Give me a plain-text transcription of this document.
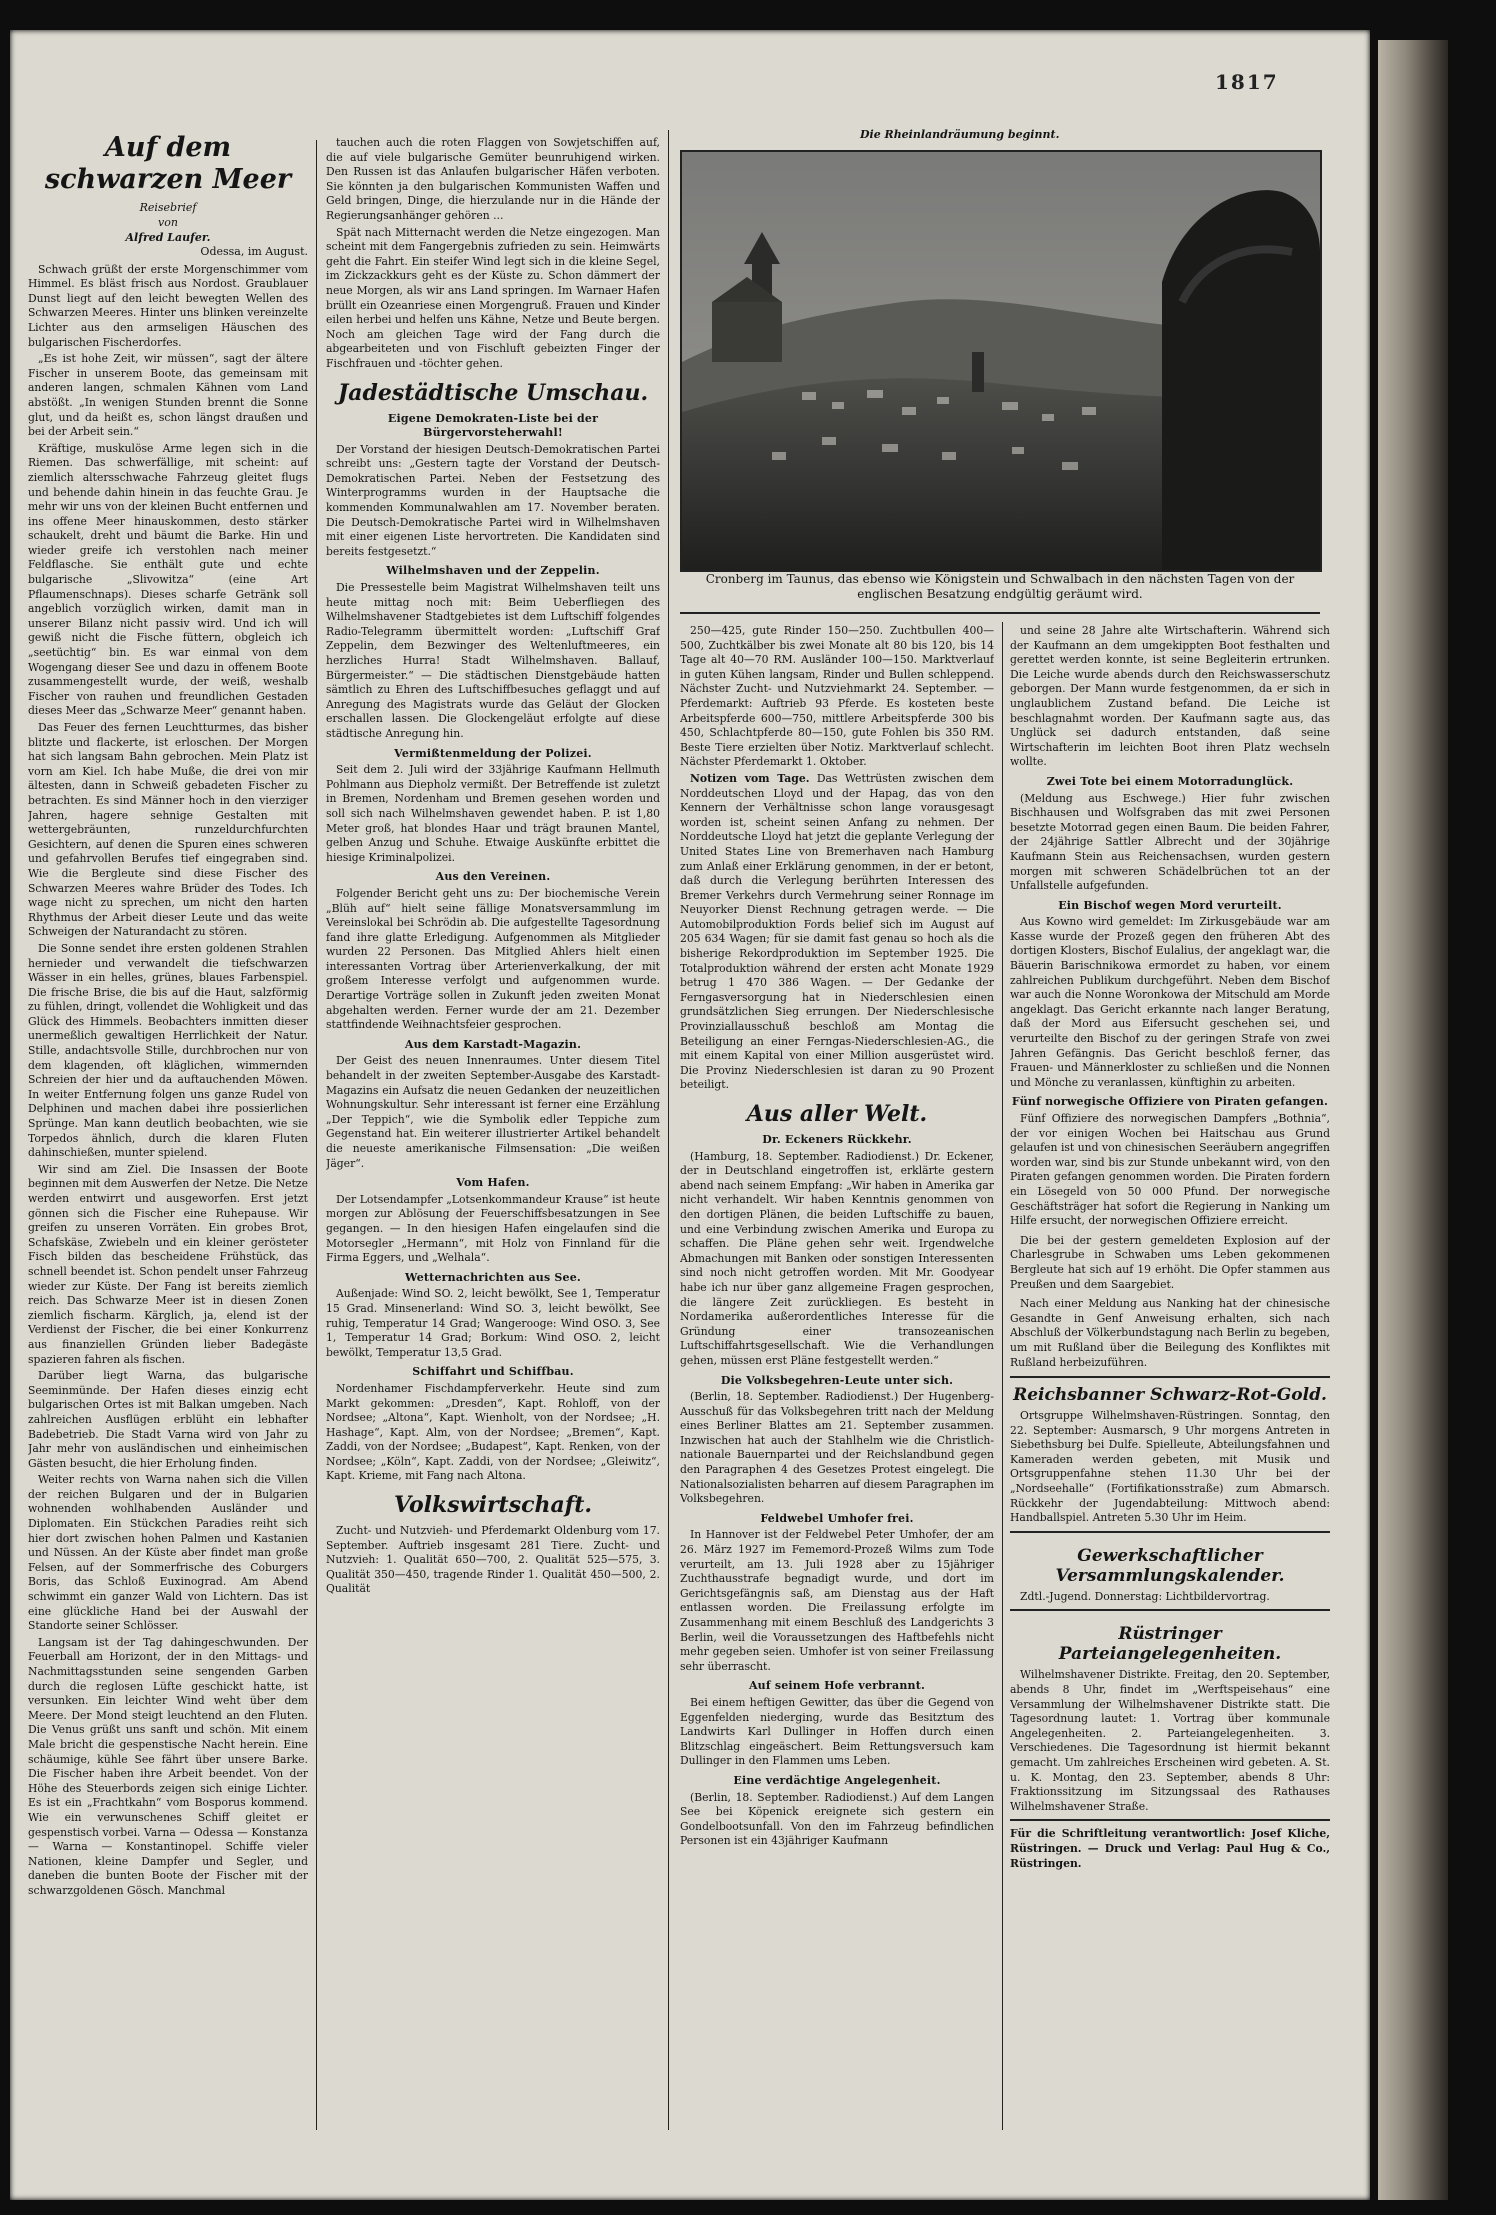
1817
Auf dem schwarzen Meer
Reisebrief
von
Alfred Laufer.
Odessa, im August.

Schwach grüßt der erste Morgenschimmer vom Himmel. Es bläst frisch aus Nordost. Graublauer Dunst liegt auf den leicht bewegten Wellen des Schwarzen Meeres. Hinter uns blinken vereinzelte Lichter aus den armseligen Häuschen des bulgarischen Fischerdorfes.

„Es ist hohe Zeit, wir müssen“, sagt der ältere Fischer in unserem Boote, das gemeinsam mit anderen langen, schmalen Kähnen vom Land abstößt. „In wenigen Stunden brennt die Sonne glut, und da heißt es, schon längst draußen und bei der Arbeit sein.“

Kräftige, muskulöse Arme legen sich in die Riemen. Das schwerfällige, mit scheint: auf ziemlich altersschwache Fahrzeug gleitet flugs und behende dahin hinein in das feuchte Grau. Je mehr wir uns von der kleinen Bucht entfernen und ins offene Meer hinauskommen, desto stärker schaukelt, dreht und bäumt die Barke. Hin und wieder greife ich verstohlen nach meiner Feldflasche. Sie enthält gute und echte bulgarische „Slivowitza“ (eine Art Pflaumenschnaps). Dieses scharfe Getränk soll angeblich vorzüglich wirken, damit man in unserer Bilanz nicht passiv wird. Und ich will gewiß nicht die Fische füttern, obgleich ich „seetüchtig“ bin. Es war einmal von dem Wogengang dieser See und dazu in offenem Boote zusammengestellt wurde, der weiß, weshalb Fischer von rauhen und freundlichen Gestaden dieses Meer das „Schwarze Meer“ genannt haben.

Das Feuer des fernen Leuchtturmes, das bisher blitzte und flackerte, ist erloschen. Der Morgen hat sich langsam Bahn gebrochen. Mein Platz ist vorn am Kiel. Ich habe Muße, die drei von mir ältesten, dann in Schweiß gebadeten Fischer zu betrachten. Es sind Männer hoch in den vierziger Jahren, hagere sehnige Gestalten mit wettergebräunten, runzeldurchfurchten Gesichtern, auf denen die Spuren eines schweren und gefahrvollen Berufes tief eingegraben sind. Wie die Bergleute sind diese Fischer des Schwarzen Meeres wahre Brüder des Todes. Ich wage nicht zu sprechen, um nicht den harten Rhythmus der Arbeit dieser Leute und das weite Schweigen der Naturandacht zu stören.

Die Sonne sendet ihre ersten goldenen Strahlen hernieder und verwandelt die tiefschwarzen Wässer in ein helles, grünes, blaues Farbenspiel. Die frische Brise, die bis auf die Haut, salzförmig zu fühlen, dringt, vollendet die Wohligkeit und das Glück des Himmels. Beobachters inmitten dieser unermeßlich gewaltigen Herrlichkeit der Natur. Stille, andachtsvolle Stille, durchbrochen nur von dem klagenden, oft kläglichen, wimmernden Schreien der hier und da auftauchenden Möwen. In weiter Entfernung folgen uns ganze Rudel von Delphinen und machen dabei ihre possierlichen Sprünge. Man kann deutlich beobachten, wie sie Torpedos ähnlich, durch die klaren Fluten dahinschießen, munter spielend.

Wir sind am Ziel. Die Insassen der Boote beginnen mit dem Auswerfen der Netze. Die Netze werden entwirrt und ausgeworfen. Erst jetzt gönnen sich die Fischer eine Ruhepause. Wir greifen zu unseren Vorräten. Ein grobes Brot, Schafskäse, Zwiebeln und ein kleiner gerösteter Fisch bilden das bescheidene Frühstück, das schnell beendet ist. Schon pendelt unser Fahrzeug wieder zur Küste. Der Fang ist bereits ziemlich reich. Das Schwarze Meer ist in diesen Zonen ziemlich fischarm. Kärglich, ja, elend ist der Verdienst der Fischer, die bei einer Konkurrenz aus finanziellen Gründen lieber Badegäste spazieren fahren als fischen.

Darüber liegt Warna, das bulgarische Seeminmünde. Der Hafen dieses einzig echt bulgarischen Ortes ist mit Balkan umgeben. Nach zahlreichen Ausflügen erblüht ein lebhafter Badebetrieb. Die Stadt Varna wird von Jahr zu Jahr mehr von ausländischen und einheimischen Gästen besucht, die hier Erholung finden.

Weiter rechts von Warna nahen sich die Villen der reichen Bulgaren und der in Bulgarien wohnenden wohlhabenden Ausländer und Diplomaten. Ein Stückchen Paradies reiht sich hier dort zwischen hohen Palmen und Kastanien und Nüssen. An der Küste aber findet man große Felsen, auf der Sommerfrische des Coburgers Boris, das Schloß Euxinograd. Am Abend schwimmt ein ganzer Wald von Lichtern. Das ist eine glückliche Hand bei der Auswahl der Standorte seiner Schlösser.

Langsam ist der Tag dahingeschwunden. Der Feuerball am Horizont, der in den Mittags- und Nachmittagsstunden seine sengenden Garben durch die reglosen Lüfte geschickt hatte, ist versunken. Ein leichter Wind weht über dem Meere. Der Mond steigt leuchtend an den Fluten. Die Venus grüßt uns sanft und schön. Mit einem Male bricht die gespenstische Nacht herein. Eine schäumige, kühle See fährt über unsere Barke. Die Fischer haben ihre Arbeit beendet. Von der Höhe des Steuerbords zeigen sich einige Lichter. Es ist ein „Frachtkahn“ vom Bosporus kommend. Wie ein verwunschenes Schiff gleitet er gespenstisch vorbei. Varna — Odessa — Konstanza — Warna — Konstantinopel. Schiffe vieler Nationen, kleine Dampfer und Segler, und daneben die bunten Boote der Fischer mit der schwarzgoldenen Gösch. Manchmal

tauchen auch die roten Flaggen von Sowjetschiffen auf, die auf viele bulgarische Gemüter beunruhigend wirken. Den Russen ist das Anlaufen bulgarischer Häfen verboten. Sie könnten ja den bulgarischen Kommunisten Waffen und Geld bringen, Dinge, die hierzulande nur in die Hände der Regierungsanhänger gehören ...

Spät nach Mitternacht werden die Netze eingezogen. Man scheint mit dem Fangergebnis zufrieden zu sein. Heimwärts geht die Fahrt. Ein steifer Wind legt sich in die kleine Segel, im Zickzackkurs geht es der Küste zu. Schon dämmert der neue Morgen, als wir ans Land springen. Im Warnaer Hafen brüllt ein Ozeanriese einen Morgengruß. Frauen und Kinder eilen herbei und helfen uns Kähne, Netze und Beute bergen. Noch am gleichen Tage wird der Fang durch die abgearbeiteten und von Fischluft gebeizten Finger der Fischfrauen und -töchter gehen.

Jadestädtische Umschau.
Eigene Demokraten-Liste bei der Bürgervorsteherwahl!

Der Vorstand der hiesigen Deutsch-Demokratischen Partei schreibt uns: „Gestern tagte der Vorstand der Deutsch-Demokratischen Partei. Neben der Festsetzung des Winterprogramms wurden in der Hauptsache die kommenden Kommunalwahlen am 17. November beraten. Die Deutsch-Demokratische Partei wird in Wilhelmshaven mit einer eigenen Liste hervortreten. Die Kandidaten sind bereits festgesetzt.“

Wilhelmshaven und der Zeppelin.

Die Pressestelle beim Magistrat Wilhelmshaven teilt uns heute mittag noch mit: Beim Ueberfliegen des Wilhelmshavener Stadtgebietes ist dem Luftschiff folgendes Radio-Telegramm übermittelt worden: „Luftschiff Graf Zeppelin, dem Bezwinger des Weltenluftmeeres, ein herzliches Hurra! Stadt Wilhelmshaven. Ballauf, Bürgermeister.“ — Die städtischen Dienstgebäude hatten sämtlich zu Ehren des Luftschiffbesuches geflaggt und auf Anregung des Magistrats wurde das Geläut der Glocken erschallen lassen. Die Glockengeläut erfolgte auf diese städtische Anregung hin.

Vermißtenmeldung der Polizei.

Seit dem 2. Juli wird der 33jährige Kaufmann Hellmuth Pohlmann aus Diepholz vermißt. Der Betreffende ist zuletzt in Bremen, Nordenham und Bremen gesehen worden und soll sich nach Wilhelmshaven gewendet haben. P. ist 1,80 Meter groß, hat blondes Haar und trägt braunen Mantel, gelben Anzug und Schuhe. Etwaige Auskünfte erbittet die hiesige Kriminalpolizei.

Aus den Vereinen.

Folgender Bericht geht uns zu: Der biochemische Verein „Blüh auf“ hielt seine fällige Monatsversammlung im Vereinslokal bei Schrödin ab. Die aufgestellte Tagesordnung fand ihre glatte Erledigung. Aufgenommen als Mitglieder wurden 22 Personen. Das Mitglied Ahlers hielt einen interessanten Vortrag über Arterienverkalkung, der mit großem Interesse verfolgt und aufgenommen wurde. Derartige Vorträge sollen in Zukunft jeden zweiten Monat abgehalten werden. Ferner wurde der am 21. Dezember stattfindende Weihnachtsfeier gesprochen.

Aus dem Karstadt-Magazin.

Der Geist des neuen Innenraumes. Unter diesem Titel behandelt in der zweiten September-Ausgabe des Karstadt-Magazins ein Aufsatz die neuen Gedanken der neuzeitlichen Wohnungskultur. Sehr interessant ist ferner eine Erzählung „Der Teppich“, wie die Symbolik edler Teppiche zum Gegenstand hat. Ein weiterer illustrierter Artikel behandelt die neueste amerikanische Filmsensation: „Die weißen Jäger“.

Vom Hafen.

Der Lotsendampfer „Lotsenkommandeur Krause“ ist heute morgen zur Ablösung der Feuerschiffsbesatzungen in See gegangen. — In den hiesigen Hafen eingelaufen sind die Motorsegler „Hermann“, mit Holz von Finnland für die Firma Eggers, und „Welhala“.

Wetternachrichten aus See.

Außenjade: Wind SO. 2, leicht bewölkt, See 1, Temperatur 15 Grad. Minsenerland: Wind SO. 3, leicht bewölkt, See ruhig, Temperatur 14 Grad; Wangerooge: Wind OSO. 3, See 1, Temperatur 14 Grad; Borkum: Wind OSO. 2, leicht bewölkt, Temperatur 13,5 Grad.

Schiffahrt und Schiffbau.

Nordenhamer Fischdampferverkehr. Heute sind zum Markt gekommen: „Dresden“, Kapt. Rohloff, von der Nordsee; „Altona“, Kapt. Wienholt, von der Nordsee; „H. Hashage“, Kapt. Alm, von der Nordsee; „Bremen“, Kapt. Zaddi, von der Nordsee; „Budapest“, Kapt. Renken, von der Nordsee; „Köln“, Kapt. Zaddi, von der Nordsee; „Gleiwitz“, Kapt. Krieme, mit Fang nach Altona.

Volkswirtschaft.

Zucht- und Nutzvieh- und Pferdemarkt Oldenburg vom 17. September. Auftrieb insgesamt 281 Tiere. Zucht- und Nutzvieh: 1. Qualität 650—700, 2. Qualität 525—575, 3. Qualität 350—450, tragende Rinder 1. Qualität 450—500, 2. Qualität

Die Rheinlandräumung beginnt.
Cronberg im Taunus, das ebenso wie Königstein und Schwalbach in den nächsten Tagen von der englischen Besatzung endgültig geräumt wird.

250—425, gute Rinder 150—250. Zuchtbullen 400—500, Zuchtkälber bis zwei Monate alt 80 bis 120, bis 14 Tage alt 40—70 RM. Ausländer 100—150. Marktverlauf in guten Kühen langsam, Rinder und Bullen schleppend. Nächster Zucht- und Nutzviehmarkt 24. September. — Pferdemarkt: Auftrieb 93 Pferde. Es kosteten beste Arbeitspferde 600—750, mittlere Arbeitspferde 300 bis 450, Schlachtpferde 80—150, gute Fohlen bis 350 RM. Beste Tiere erzielten über Notiz. Marktverlauf schlecht. Nächster Pferdemarkt 1. Oktober.

Notizen vom Tage. Das Wettrüsten zwischen dem Norddeutschen Lloyd und der Hapag, das von den Kennern der Verhältnisse schon lange vorausgesagt worden ist, scheint seinen Anfang zu nehmen. Der Norddeutsche Lloyd hat jetzt die geplante Verlegung der United States Line von Bremerhaven nach Hamburg zum Anlaß einer Erklärung genommen, in der er betont, daß durch die Verlegung berührten Interessen des Bremer Verkehrs durch Vermehrung seiner Ronnage im Neuyorker Dienst Rechnung getragen werde. — Die Automobilproduktion Fords belief sich im August auf 205 634 Wagen; für sie damit fast genau so hoch als die bisherige Rekordproduktion im September 1925. Die Totalproduktion während der ersten acht Monate 1929 betrug 1 470 386 Wagen. — Der Gedanke der Ferngasversorgung hat in Niederschlesien einen grundsätzlichen Sieg errungen. Der Niederschlesische Provinziallausschuß beschloß am Montag die Beteiligung an einer Ferngas-Niederschlesien-AG., die mit einem Kapital von einer Million ausgerüstet wird. Die Provinz Niederschlesien ist daran zu 90 Prozent beteiligt.

Aus aller Welt.
Dr. Eckeners Rückkehr.

(Hamburg, 18. September. Radiodienst.) Dr. Eckener, der in Deutschland eingetroffen ist, erklärte gestern abend nach seinem Empfang: „Wir haben in Amerika gar nicht verhandelt. Wir haben Kenntnis genommen von den dortigen Plänen, die beiden Luftschiffe zu bauen, und eine Verbindung zwischen Amerika und Europa zu schaffen. Die Pläne gehen sehr weit. Irgendwelche Abmachungen mit Banken oder sonstigen Interessenten sind noch nicht getroffen worden. Mit Mr. Goodyear habe ich nur über ganz allgemeine Fragen gesprochen, die längere Zeit zurückliegen. Es besteht in Nordamerika außerordentliches Interesse für die Gründung einer transozeanischen Luftschiffahrtsgesellschaft. Wie die Verhandlungen gehen, müssen erst Pläne festgestellt werden.“

Die Volksbegehren-Leute unter sich.

(Berlin, 18. September. Radiodienst.) Der Hugenberg-Ausschuß für das Volksbegehren tritt nach der Meldung eines Berliner Blattes am 21. September zusammen. Inzwischen hat auch der Stahlhelm wie die Christlich-nationale Bauernpartei und der Reichslandbund gegen den Paragraphen 4 des Gesetzes Protest eingelegt. Die Nationalsozialisten beharren auf diesem Paragraphen im Volksbegehren.

Feldwebel Umhofer frei.

In Hannover ist der Feldwebel Peter Umhofer, der am 26. März 1927 im Fememord-Prozeß Wilms zum Tode verurteilt, am 13. Juli 1928 aber zu 15jähriger Zuchthausstrafe begnadigt wurde, und dort im Gerichtsgefängnis saß, am Dienstag aus der Haft entlassen worden. Die Freilassung erfolgte im Zusammenhang mit einem Beschluß des Landgerichts 3 Berlin, weil die Voraussetzungen des Haftbefehls nicht mehr gegeben seien. Umhofer ist von seiner Freilassung sehr überrascht.

Auf seinem Hofe verbrannt.

Bei einem heftigen Gewitter, das über die Gegend von Eggenfelden niederging, wurde das Besitztum des Landwirts Karl Dullinger in Hoffen durch einen Blitzschlag eingeäschert. Beim Rettungsversuch kam Dullinger in den Flammen ums Leben.

Eine verdächtige Angelegenheit.

(Berlin, 18. September. Radiodienst.) Auf dem Langen See bei Köpenick ereignete sich gestern ein Gondelbootsunfall. Von den im Fahrzeug befindlichen Personen ist ein 43jähriger Kaufmann

und seine 28 Jahre alte Wirtschafterin. Während sich der Kaufmann an dem umgekippten Boot festhalten und gerettet werden konnte, ist seine Begleiterin ertrunken. Die Leiche wurde abends durch den Reichswasserschutz geborgen. Der Mann wurde festgenommen, da er sich in unglaublichem Zustand befand. Die Leiche ist beschlagnahmt worden. Der Kaufmann sagte aus, das Unglück sei dadurch entstanden, daß seine Wirtschafterin im leichten Boot ihren Platz wechseln wollte.

Zwei Tote bei einem Motorradunglück.

(Meldung aus Eschwege.) Hier fuhr zwischen Bischhausen und Wolfsgraben das mit zwei Personen besetzte Motorrad gegen einen Baum. Die beiden Fahrer, der 24jährige Sattler Albrecht und der 30jährige Kaufmann Stein aus Reichensachsen, wurden gestern morgen mit schweren Schädelbrüchen tot an der Unfallstelle aufgefunden.

Ein Bischof wegen Mord verurteilt.

Aus Kowno wird gemeldet: Im Zirkusgebäude war am Kasse wurde der Prozeß gegen den früheren Abt des dortigen Klosters, Bischof Eulalius, der angeklagt war, die Bäuerin Barischnikowa ermordet zu haben, vor einem zahlreichen Publikum durchgeführt. Neben dem Bischof war auch die Nonne Woronkowa der Mitschuld am Morde angeklagt. Das Gericht erkannte nach langer Beratung, daß der Mord aus Eifersucht geschehen sei, und verurteilte den Bischof zu der geringen Strafe von zwei Jahren Gefängnis. Das Gericht beschloß ferner, das Frauen- und Männerkloster zu schließen und die Nonnen und Mönche zu veranlassen, künftighin zu arbeiten.

Fünf norwegische Offiziere von Piraten gefangen.

Fünf Offiziere des norwegischen Dampfers „Bothnia“, der vor einigen Wochen bei Haitschau aus Grund gelaufen ist und von chinesischen Seeräubern angegriffen worden war, sind bis zur Stunde unbekannt wird, von den Piraten gefangen genommen worden. Die Piraten fordern ein Lösegeld von 50 000 Pfund. Der norwegische Geschäftsträger hat sofort die Regierung in Nanking um Hilfe ersucht, der norwegischen Offiziere erreicht.

Die bei der gestern gemeldeten Explosion auf der Charlesgrube in Schwaben ums Leben gekommenen Bergleute hat sich auf 19 erhöht. Die Opfer stammen aus Preußen und dem Saargebiet.

Nach einer Meldung aus Nanking hat der chinesische Gesandte in Genf Anweisung erhalten, sich nach Abschluß der Völkerbundstagung nach Berlin zu begeben, um mit Rußland über die Beilegung des Konfliktes mit Rußland herbeizuführen.

Reichsbanner Schwarz-Rot-Gold.

Ortsgruppe Wilhelmshaven-Rüstringen. Sonntag, den 22. September: Ausmarsch, 9 Uhr morgens Antreten in Siebethsburg bei Dulfe. Spielleute, Abteilungsfahnen und Kameraden werden gebeten, mit Musik und Ortsgruppenfahne stehen 11.30 Uhr bei der „Nordseehalle“ (Fortifikationsstraße) zum Abmarsch. Rückkehr der Jugendabteilung: Mittwoch abend: Handballspiel. Antreten 5.30 Uhr im Heim.

Gewerkschaftlicher Versammlungskalender.

Zdtl.-Jugend. Donnerstag: Lichtbildervortrag.

Rüstringer Parteiangelegenheiten.

Wilhelmshavener Distrikte. Freitag, den 20. September, abends 8 Uhr, findet im „Werftspeisehaus“ eine Versammlung der Wilhelmshavener Distrikte statt. Die Tagesordnung lautet: 1. Vortrag über kommunale Angelegenheiten. 2. Parteiangelegenheiten. 3. Verschiedenes. Die Tagesordnung ist hiermit bekannt gemacht. Um zahlreiches Erscheinen wird gebeten. A. St. u. K. Montag, den 23. September, abends 8 Uhr: Fraktionssitzung im Sitzungssaal des Rathauses Wilhelmshavener Straße.

Für die Schriftleitung verantwortlich: Josef Kliche, Rüstringen. — Druck und Verlag: Paul Hug & Co., Rüstringen.
